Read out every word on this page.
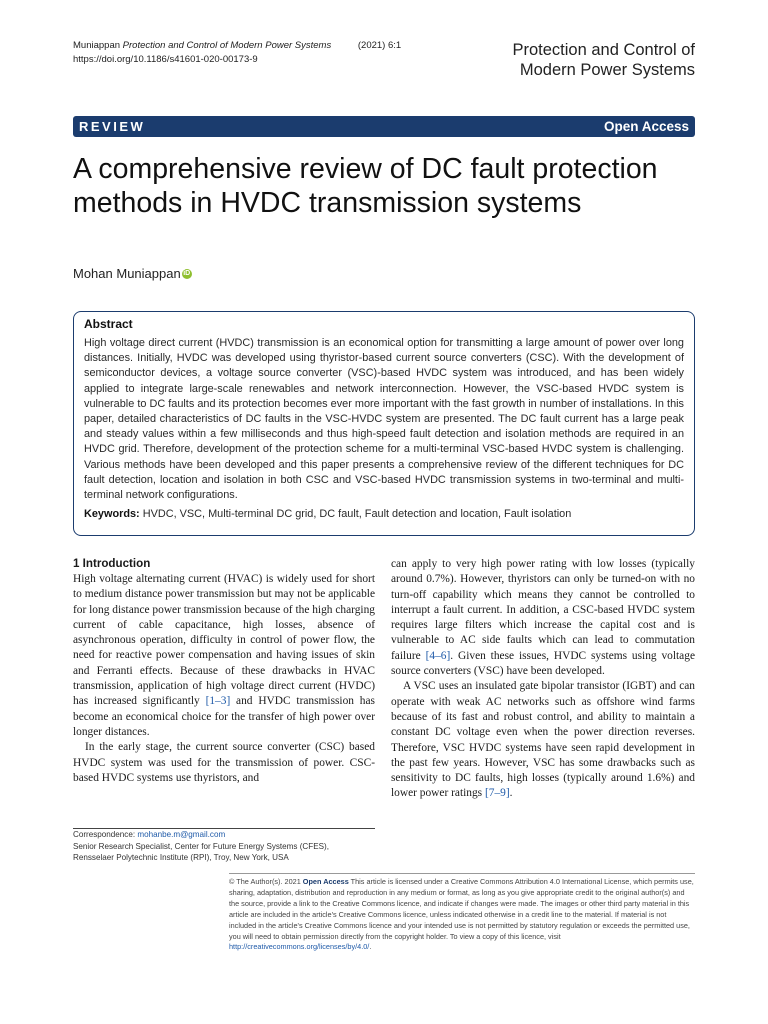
Muniappan Protection and Control of Modern Power Systems	(2021) 6:1
https://doi.org/10.1186/s41601-020-00173-9
Protection and Control of
Modern Power Systems
REVIEW	Open Access
A comprehensive review of DC fault protection methods in HVDC transmission systems
Mohan Muniappan iD
Abstract
High voltage direct current (HVDC) transmission is an economical option for transmitting a large amount of power over long distances. Initially, HVDC was developed using thyristor-based current source converters (CSC). With the development of semiconductor devices, a voltage source converter (VSC)-based HVDC system was introduced, and has been widely applied to integrate large-scale renewables and network interconnection. However, the VSC-based HVDC system is vulnerable to DC faults and its protection becomes ever more important with the fast growth in number of installations. In this paper, detailed characteristics of DC faults in the VSC-HVDC system are presented. The DC fault current has a large peak and steady values within a few milliseconds and thus high-speed fault detection and isolation methods are required in an HVDC grid. Therefore, development of the protection scheme for a multi-terminal VSC-based HVDC system is challenging. Various methods have been developed and this paper presents a comprehensive review of the different techniques for DC fault detection, location and isolation in both CSC and VSC-based HVDC transmission systems in two-terminal and multi-terminal network configurations.
Keywords: HVDC, VSC, Multi-terminal DC grid, DC fault, Fault detection and location, Fault isolation
1 Introduction

High voltage alternating current (HVAC) is widely used for short to medium distance power transmission but may not be applicable for long distance power transmission because of the high charging current of cable capacitance, high losses, absence of asynchronous operation, difficulty in control of power flow, the need for reactive power compensation and having issues of skin and Ferranti effects. Because of these drawbacks in HVAC transmission, application of high voltage direct current (HVDC) has increased significantly [1–3] and HVDC transmission has become an economical choice for the transfer of high power over longer distances.

In the early stage, the current source converter (CSC) based HVDC system was used for the transmission of power. CSC-based HVDC systems use thyristors, and

can apply to very high power rating with low losses (typically around 0.7%). However, thyristors can only be turned-on with no turn-off capability which means they cannot be controlled to interrupt a fault current. In addition, a CSC-based HVDC system requires large filters which increase the capital cost and is vulnerable to AC side faults which can lead to commutation failure [4–6]. Given these issues, HVDC systems using voltage source converters (VSC) have been developed.

A VSC uses an insulated gate bipolar transistor (IGBT) and can operate with weak AC networks such as offshore wind farms because of its fast and robust control, and ability to maintain a constant DC voltage even when the power direction reverses. Therefore, VSC HVDC systems have seen rapid development in the past few years. However, VSC has some drawbacks such as sensitivity to DC faults, high losses (typically around 1.6%) and lower power ratings [7–9].

Correspondence: mohanbe.m@gmail.com
Senior Research Specialist, Center for Future Energy Systems (CFES),
Rensselaer Polytechnic Institute (RPI), Troy, New York, USA
© The Author(s). 2021 Open Access This article is licensed under a Creative Commons Attribution 4.0 International License, which permits use, sharing, adaptation, distribution and reproduction in any medium or format, as long as you give appropriate credit to the original author(s) and the source, provide a link to the Creative Commons licence, and indicate if changes were made. The images or other third party material in this article are included in the article's Creative Commons licence, unless indicated otherwise in a credit line to the material. If material is not included in the article's Creative Commons licence and your intended use is not permitted by statutory regulation or exceeds the permitted use, you will need to obtain permission directly from the copyright holder. To view a copy of this licence, visit http://creativecommons.org/licenses/by/4.0/.
